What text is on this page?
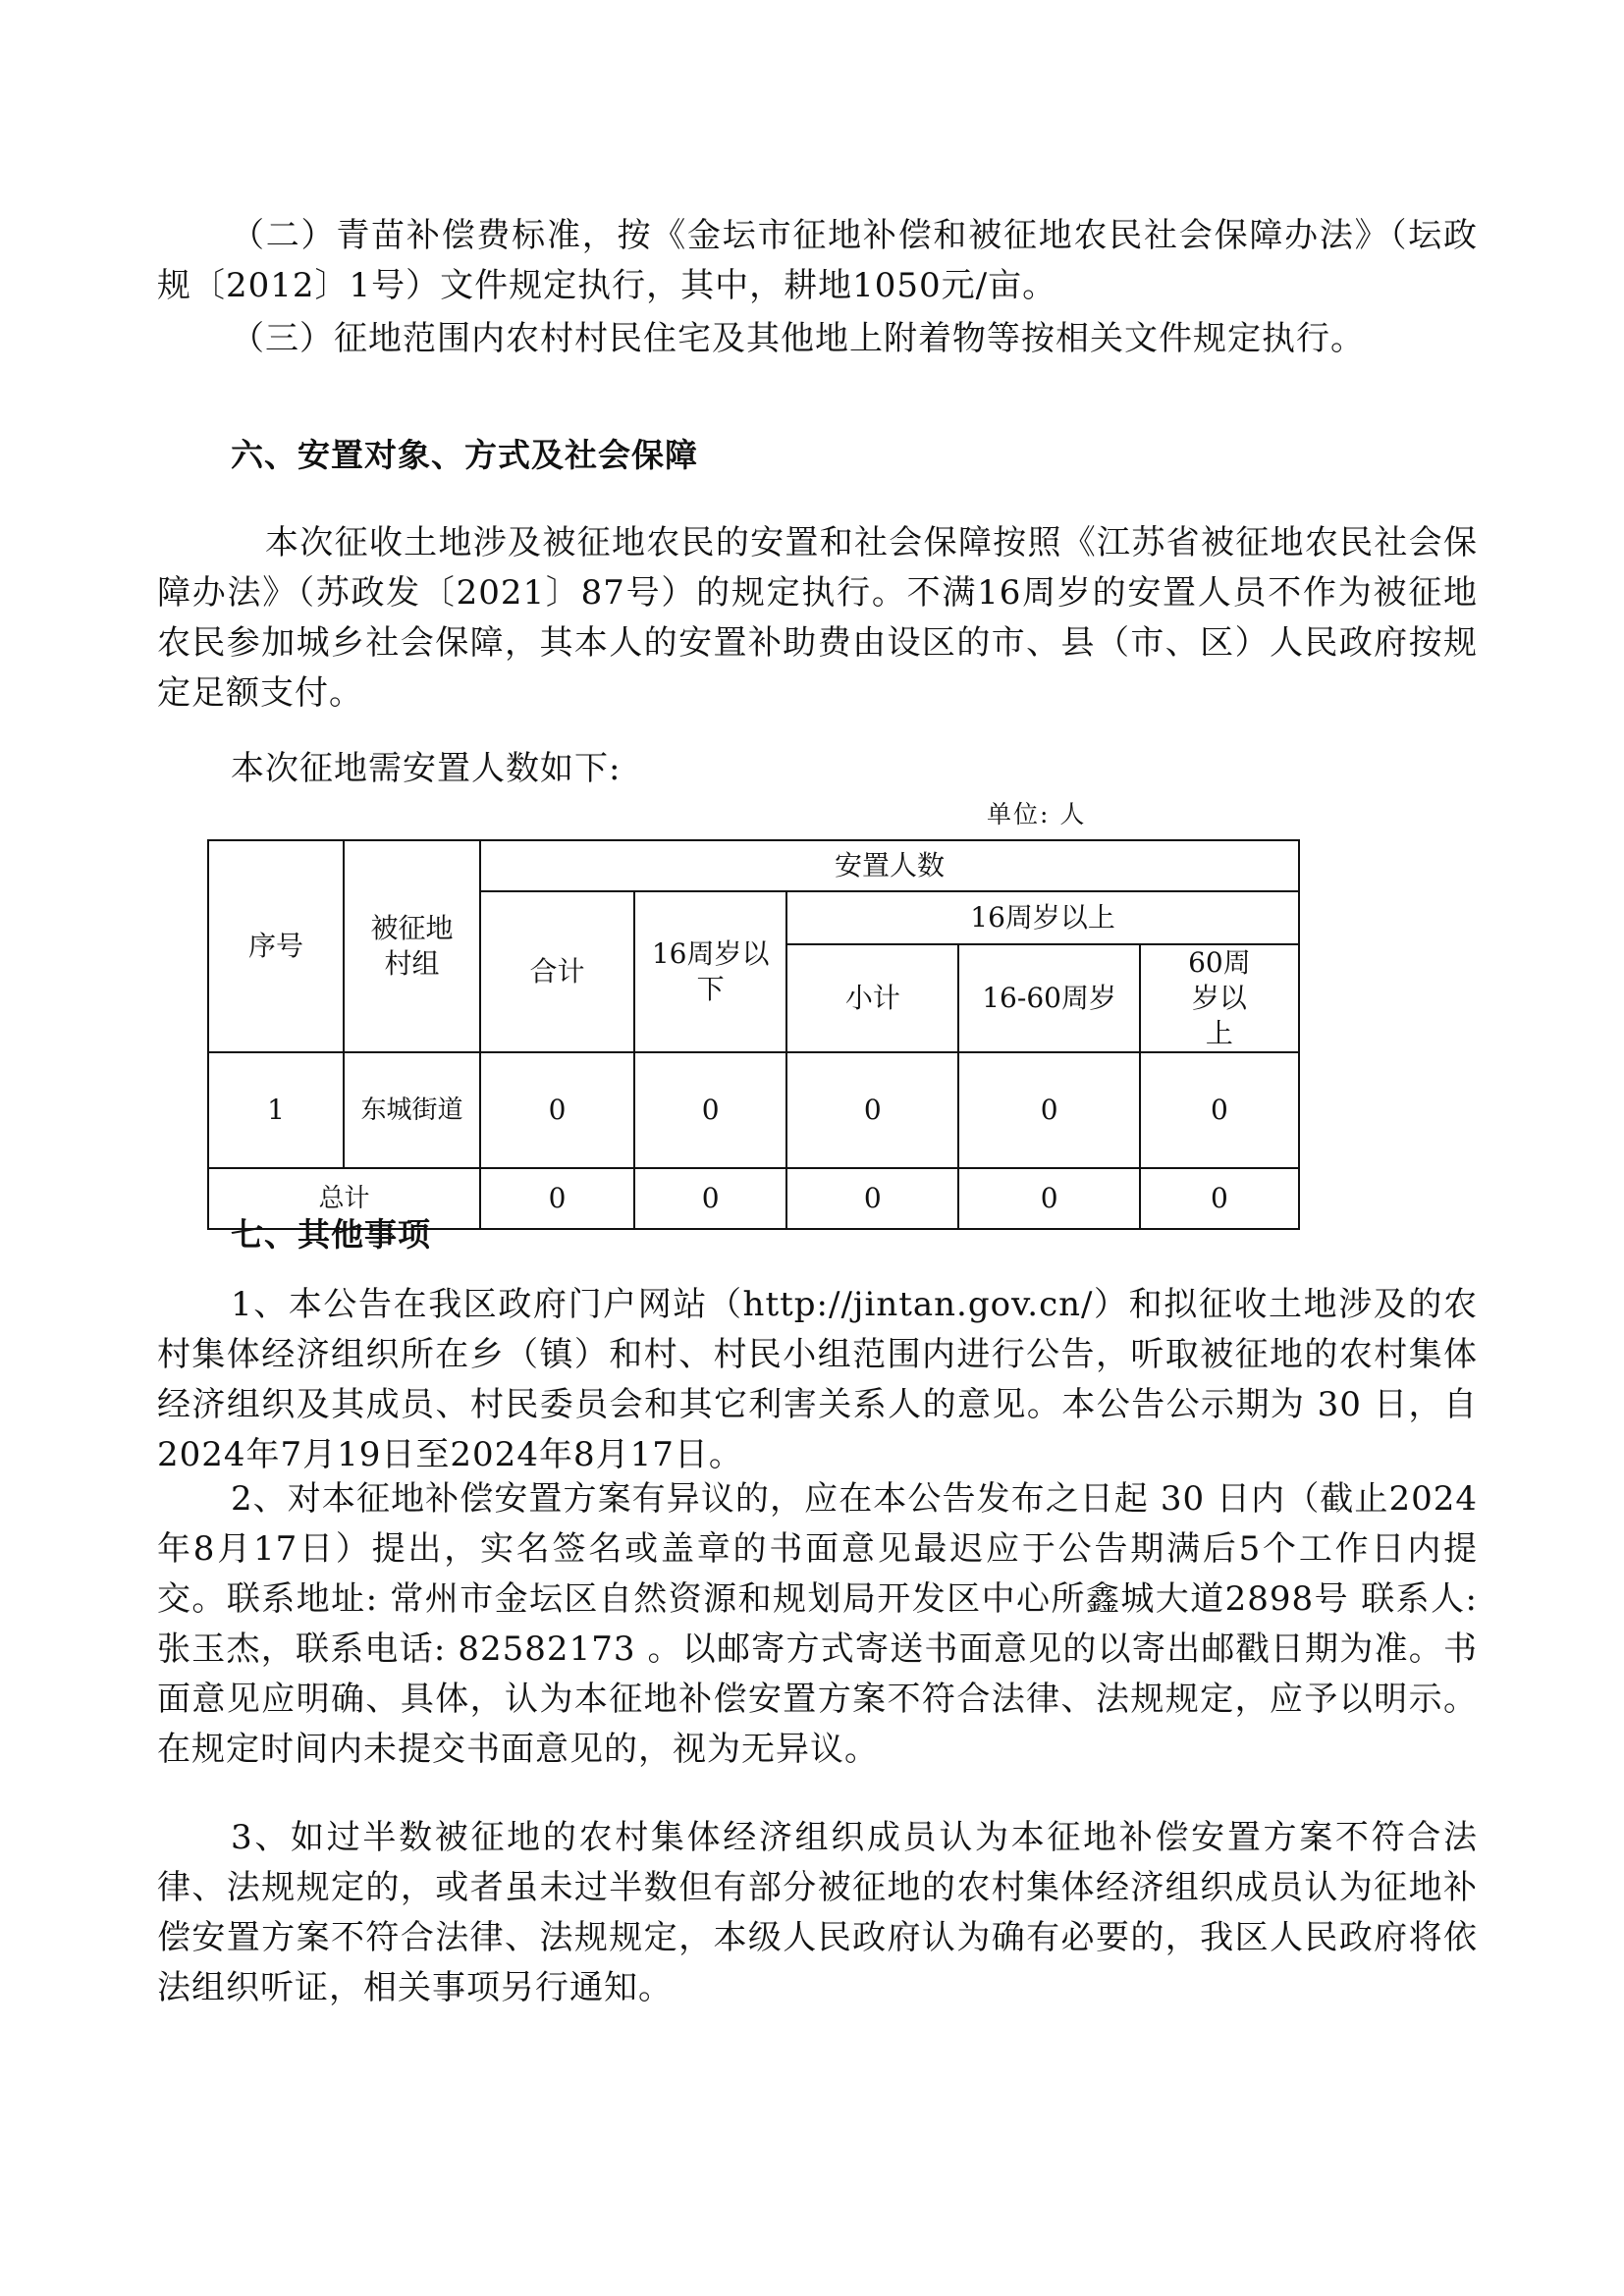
（二）青苗补偿费标准，按《金坛市征地补偿和被征地农民社会保障办法》（坛政规〔2012〕1号）文件规定执行，其中，耕地1050元/亩。

（三）征地范围内农村村民住宅及其他地上附着物等按相关文件规定执行。

六、安置对象、方式及社会保障

本次征收土地涉及被征地农民的安置和社会保障按照《江苏省被征地农民社会保障办法》（苏政发〔2021〕87号）的规定执行。不满16周岁的安置人员不作为被征地农民参加城乡社会保障，其本人的安置补助费由设区的市、县（市、区）人民政府按规定足额支付。

本次征地需安置人数如下:

单位: 人
序号	被征地村组	安置人数				
		合计	16周岁以下	16周岁以上		
				小计	16-60周岁	60周岁以上
1	东城街道	0	0	0	0	0
总计		0	0	0	0	0

七、其他事项

1、本公告在我区政府门户网站（http://jintan.gov.cn/）和拟征收土地涉及的农村集体经济组织所在乡（镇）和村、村民小组范围内进行公告，听取被征地的农村集体经济组织及其成员、村民委员会和其它利害关系人的意见。本公告公示期为 30 日，自2024年7月19日至2024年8月17日。

2、对本征地补偿安置方案有异议的，应在本公告发布之日起 30 日内（截止2024年8月17日）提出，实名签名或盖章的书面意见最迟应于公告期满后5个工作日内提交。联系地址: 常州市金坛区自然资源和规划局开发区中心所鑫城大道2898号 联系人: 张玉杰，联系电话: 82582173 。以邮寄方式寄送书面意见的以寄出邮戳日期为准。书面意见应明确、具体，认为本征地补偿安置方案不符合法律、法规规定，应予以明示。在规定时间内未提交书面意见的，视为无异议。

3、如过半数被征地的农村集体经济组织成员认为本征地补偿安置方案不符合法律、法规规定的，或者虽未过半数但有部分被征地的农村集体经济组织成员认为征地补偿安置方案不符合法律、法规规定，本级人民政府认为确有必要的，我区人民政府将依法组织听证，相关事项另行通知。
